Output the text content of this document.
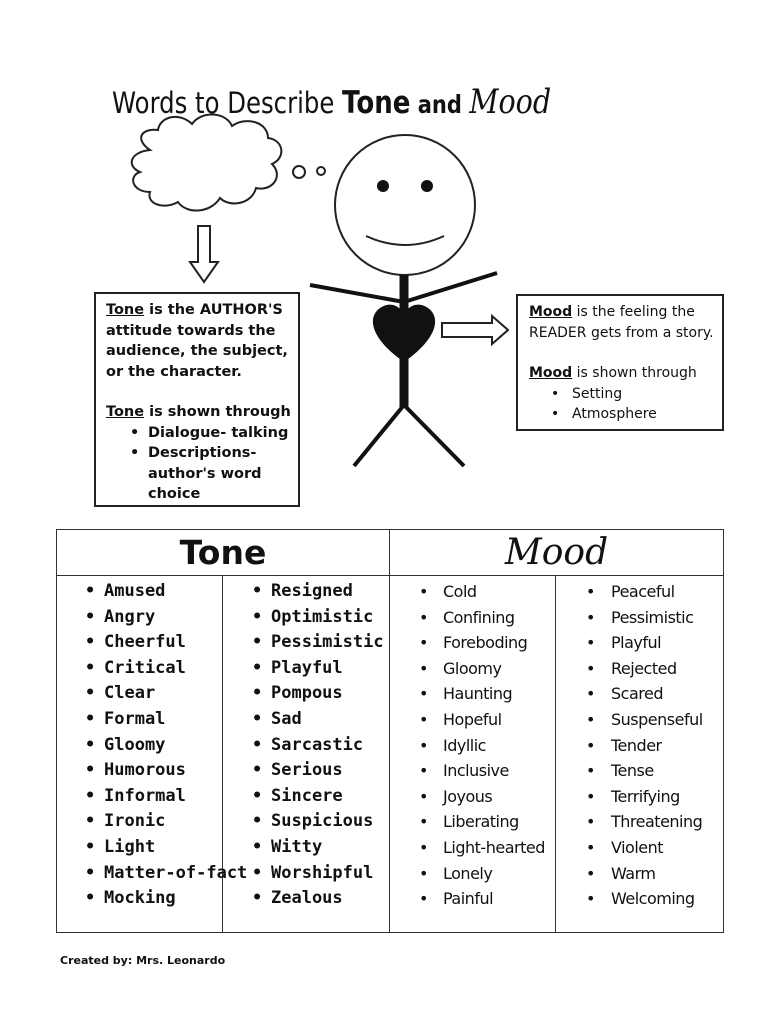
Words to Describe Tone and Mood
Tone is the AUTHOR'S
attitude towards the
audience, the subject,
or the character.
Tone is shown through
• Dialogue- talking
• Descriptions-
author's word
choice
Mood is the feeling the
READER gets from a story.
Mood is shown through
• Setting
• Atmosphere
Tone	Mood
• Amused
• Angry
• Cheerful
• Critical
• Clear
• Formal
• Gloomy
• Humorous
• Informal
• Ironic
• Light
• Matter-of-fact
• Mocking
• Resigned
• Optimistic
• Pessimistic
• Playful
• Pompous
• Sad
• Sarcastic
• Serious
• Sincere
• Suspicious
• Witty
• Worshipful
• Zealous
• Cold
• Confining
• Foreboding
• Gloomy
• Haunting
• Hopeful
• Idyllic
• Inclusive
• Joyous
• Liberating
• Light-hearted
• Lonely
• Painful
• Peaceful
• Pessimistic
• Playful
• Rejected
• Scared
• Suspenseful
• Tender
• Tense
• Terrifying
• Threatening
• Violent
• Warm
• Welcoming
Created by: Mrs. Leonardo
